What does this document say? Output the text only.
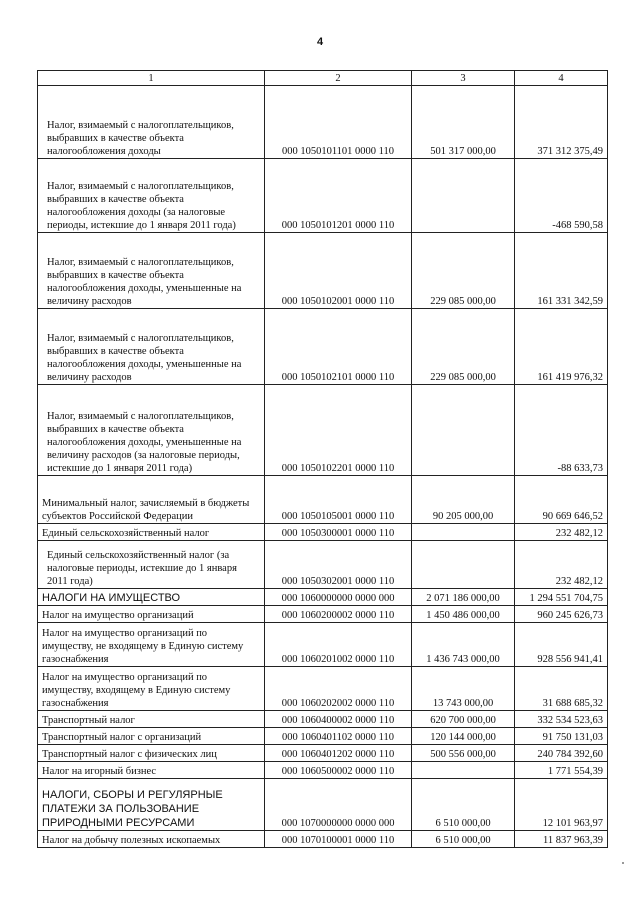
4
1	2	3	4
Налог, взимаемый с налогоплательщиков, выбравших в качестве объекта налогообложения доходы	000 1050101101 0000 110	501 317 000,00	371 312 375,49
Налог, взимаемый с налогоплательщиков, выбравших в качестве объекта налогообложения доходы (за налоговые периоды, истекшие до 1 января 2011 года)	000 1050101201 0000 110		-468 590,58
Налог, взимаемый с налогоплательщиков, выбравших в качестве объекта налогообложения доходы, уменьшенные на величину расходов	000 1050102001 0000 110	229 085 000,00	161 331 342,59
Налог, взимаемый с налогоплательщиков, выбравших в качестве объекта налогообложения доходы, уменьшенные на величину расходов	000 1050102101 0000 110	229 085 000,00	161 419 976,32
Налог, взимаемый с налогоплательщиков, выбравших в качестве объекта налогообложения доходы, уменьшенные на величину расходов (за налоговые периоды, истекшие до 1 января 2011 года)	000 1050102201 0000 110		-88 633,73
Минимальный налог, зачисляемый в бюджеты субъектов Российской Федерации	000 1050105001 0000 110	90 205 000,00	90 669 646,52
Единый сельскохозяйственный налог	000 1050300001 0000 110		232 482,12
Единый сельскохозяйственный налог (за налоговые периоды, истекшие до 1 января 2011 года)	000 1050302001 0000 110		232 482,12
НАЛОГИ НА ИМУЩЕСТВО	000 1060000000 0000 000	2 071 186 000,00	1 294 551 704,75
Налог на имущество организаций	000 1060200002 0000 110	1 450 486 000,00	960 245 626,73
Налог на имущество организаций по имуществу, не входящему в Единую систему газоснабжения	000 1060201002 0000 110	1 436 743 000,00	928 556 941,41
Налог на имущество организаций по имуществу, входящему в Единую систему газоснабжения	000 1060202002 0000 110	13 743 000,00	31 688 685,32
Транспортный налог	000 1060400002 0000 110	620 700 000,00	332 534 523,63
Транспортный налог с организаций	000 1060401102 0000 110	120 144 000,00	91 750 131,03
Транспортный налог с физических лиц	000 1060401202 0000 110	500 556 000,00	240 784 392,60
Налог на игорный бизнес	000 1060500002 0000 110		1 771 554,39
НАЛОГИ, СБОРЫ И РЕГУЛЯРНЫЕ ПЛАТЕЖИ ЗА ПОЛЬЗОВАНИЕ ПРИРОДНЫМИ РЕСУРСАМИ	000 1070000000 0000 000	6 510 000,00	12 101 963,97
Налог на добычу полезных ископаемых	000 1070100001 0000 110	6 510 000,00	11 837 963,39
